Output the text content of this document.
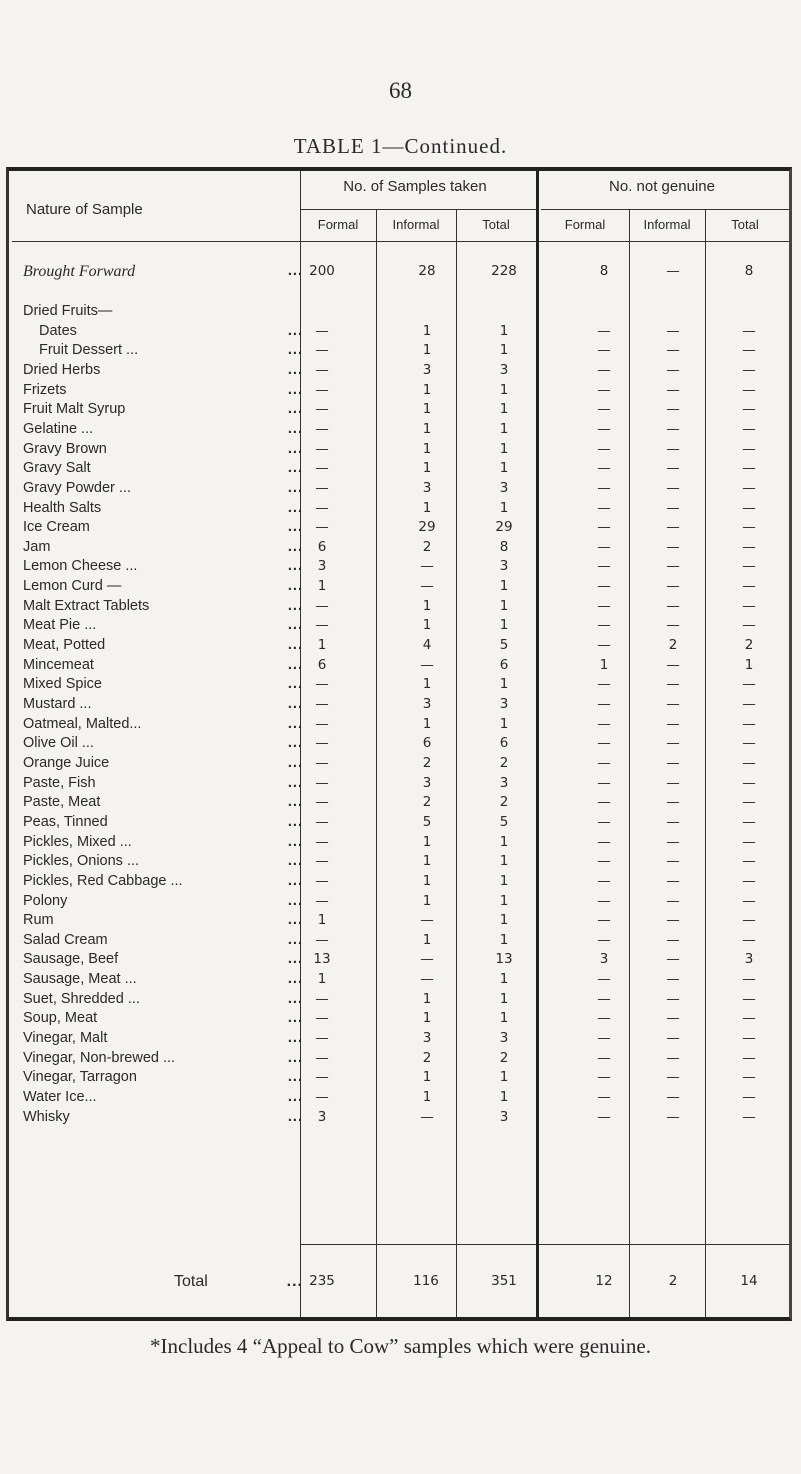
68
TABLE 1—Continued.
Nature of Sample
No. of Samples taken	No. not genuine
Formal	Informal	Total	Formal	Informal	Total
Brought Forward	... 200	28	228	8	—	8
Dried Fruits—
Dates	... —	1	1	—	—	—
Fruit Dessert ...	... —	1	1	—	—	—
Dried Herbs	... —	3	3	—	—	—
Frizets	... —	1	1	—	—	—
Fruit Malt Syrup	... —	1	1	—	—	—
Gelatine ...	... —	1	1	—	—	—
Gravy Brown	... —	1	1	—	—	—
Gravy Salt	... —	1	1	—	—	—
Gravy Powder ...	... —	3	3	—	—	—
Health Salts	... —	1	1	—	—	—
Ice Cream	... —	29	29	—	—	—
Jam	...	6	2	8	—	—	—
Lemon Cheese ...	...	3	—	3	—	—	—
Lemon Curd —	...	1	—	1	—	—	—
Malt Extract Tablets	... —	1	1	—	—	—
Meat Pie ...	... —	1	1	—	—	—
Meat, Potted	...	1	4	5	—	2	2
Mincemeat	...	6	—	6	1	—	1
Mixed Spice	... —	1	1	—	—	—
Mustard ...	... —	3	3	—	—	—
Oatmeal, Malted...	... —	1	1	—	—	—
Olive Oil ...	... —	6	6	—	—	—
Orange Juice	... —	2	2	—	—	—
Paste, Fish	... —	3	3	—	—	—
Paste, Meat	... —	2	2	—	—	—
Peas, Tinned	... —	5	5	—	—	—
Pickles, Mixed ...	... —	1	1	—	—	—
Pickles, Onions ...	... —	1	1	—	—	—
Pickles, Red Cabbage ...	... —	1	1	—	—	—
Polony	... —	1	1	—	—	—
Rum	...	1	—	1	—	—	—
Salad Cream	... —	1	1	—	—	—
Sausage, Beef	... 13	—	13	3	—	3
Sausage, Meat ...	...	1	—	1	—	—	—
Suet, Shredded ...	... —	1	1	—	—	—
Soup, Meat	... —	1	1	—	—	—
Vinegar, Malt	... —	3	3	—	—	—
Vinegar, Non-brewed ...	... —	2	2	—	—	—
Vinegar, Tarragon	... —	1	1	—	—	—
Water Ice...	... —	1	1	—	—	—
Whisky	...	3	—	3	—	—	—
Total	... 235	116	351	12	2	14
*Includes 4 “Appeal to Cow” samples which were genuine.
